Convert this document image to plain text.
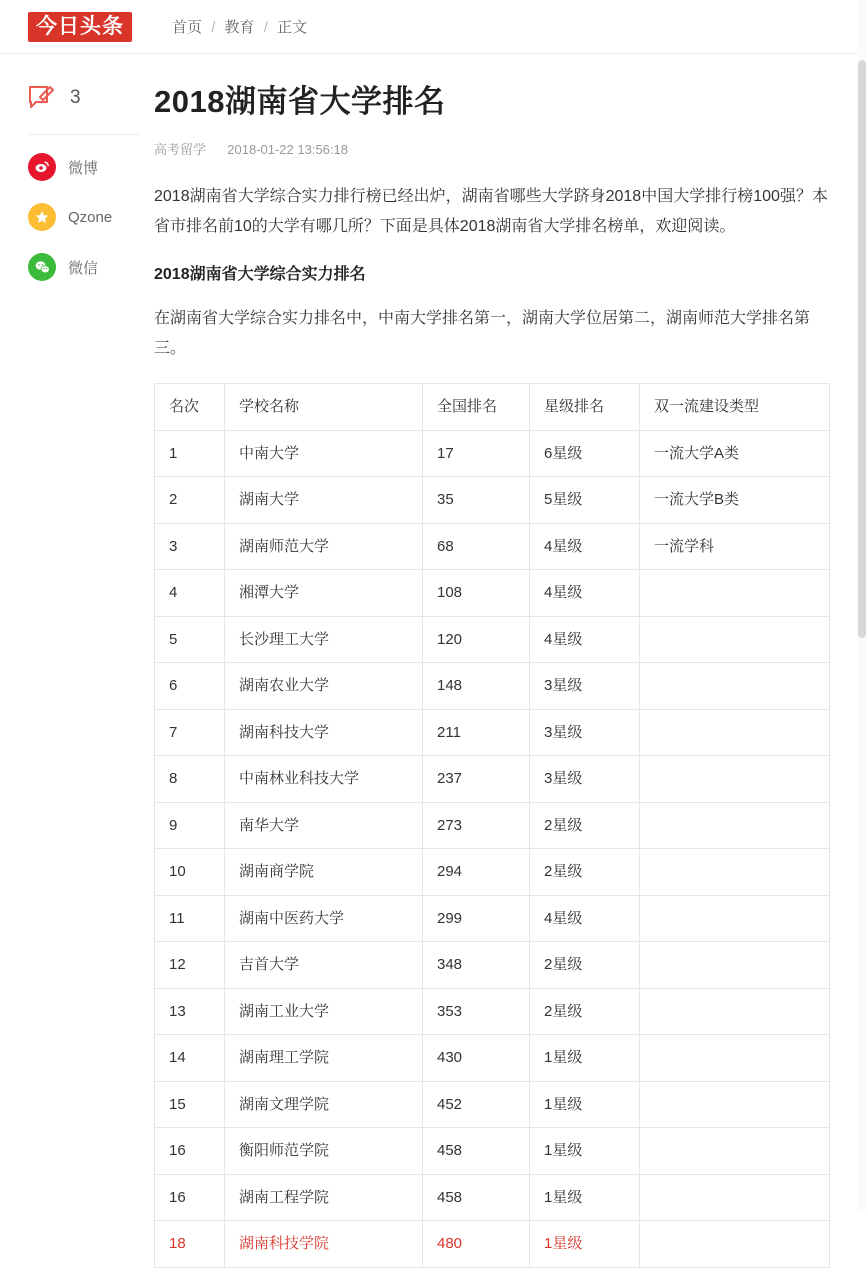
今日头条	首页 / 教育 / 正文
3
微博
Qzone
微信
2018湖南省大学排名
高考留学 2018-01-22 13:56:18

2018湖南省大学综合实力排行榜已经出炉，湖南省哪些大学跻身2018中国大学排行榜100强？本省市排名前10的大学有哪几所？下面是具体2018湖南省大学排名榜单，欢迎阅读。

2018湖南省大学综合实力排名

在湖南省大学综合实力排名中，中南大学排名第一，湖南大学位居第二，湖南师范大学排名第三。

名次	学校名称	全国排名	星级排名	双一流建设类型
1	中南大学	17	6星级	一流大学A类
2	湖南大学	35	5星级	一流大学B类
3	湖南师范大学	68	4星级	一流学科
4	湘潭大学	108	4星级	
5	长沙理工大学	120	4星级	
6	湖南农业大学	148	3星级	
7	湖南科技大学	211	3星级	
8	中南林业科技大学	237	3星级	
9	南华大学	273	2星级	
10	湖南商学院	294	2星级	
11	湖南中医药大学	299	4星级	
12	吉首大学	348	2星级	
13	湖南工业大学	353	2星级	
14	湖南理工学院	430	1星级	
15	湖南文理学院	452	1星级	
16	衡阳师范学院	458	1星级	
16	湖南工程学院	458	1星级	
18	湖南科技学院	480	1星级	
